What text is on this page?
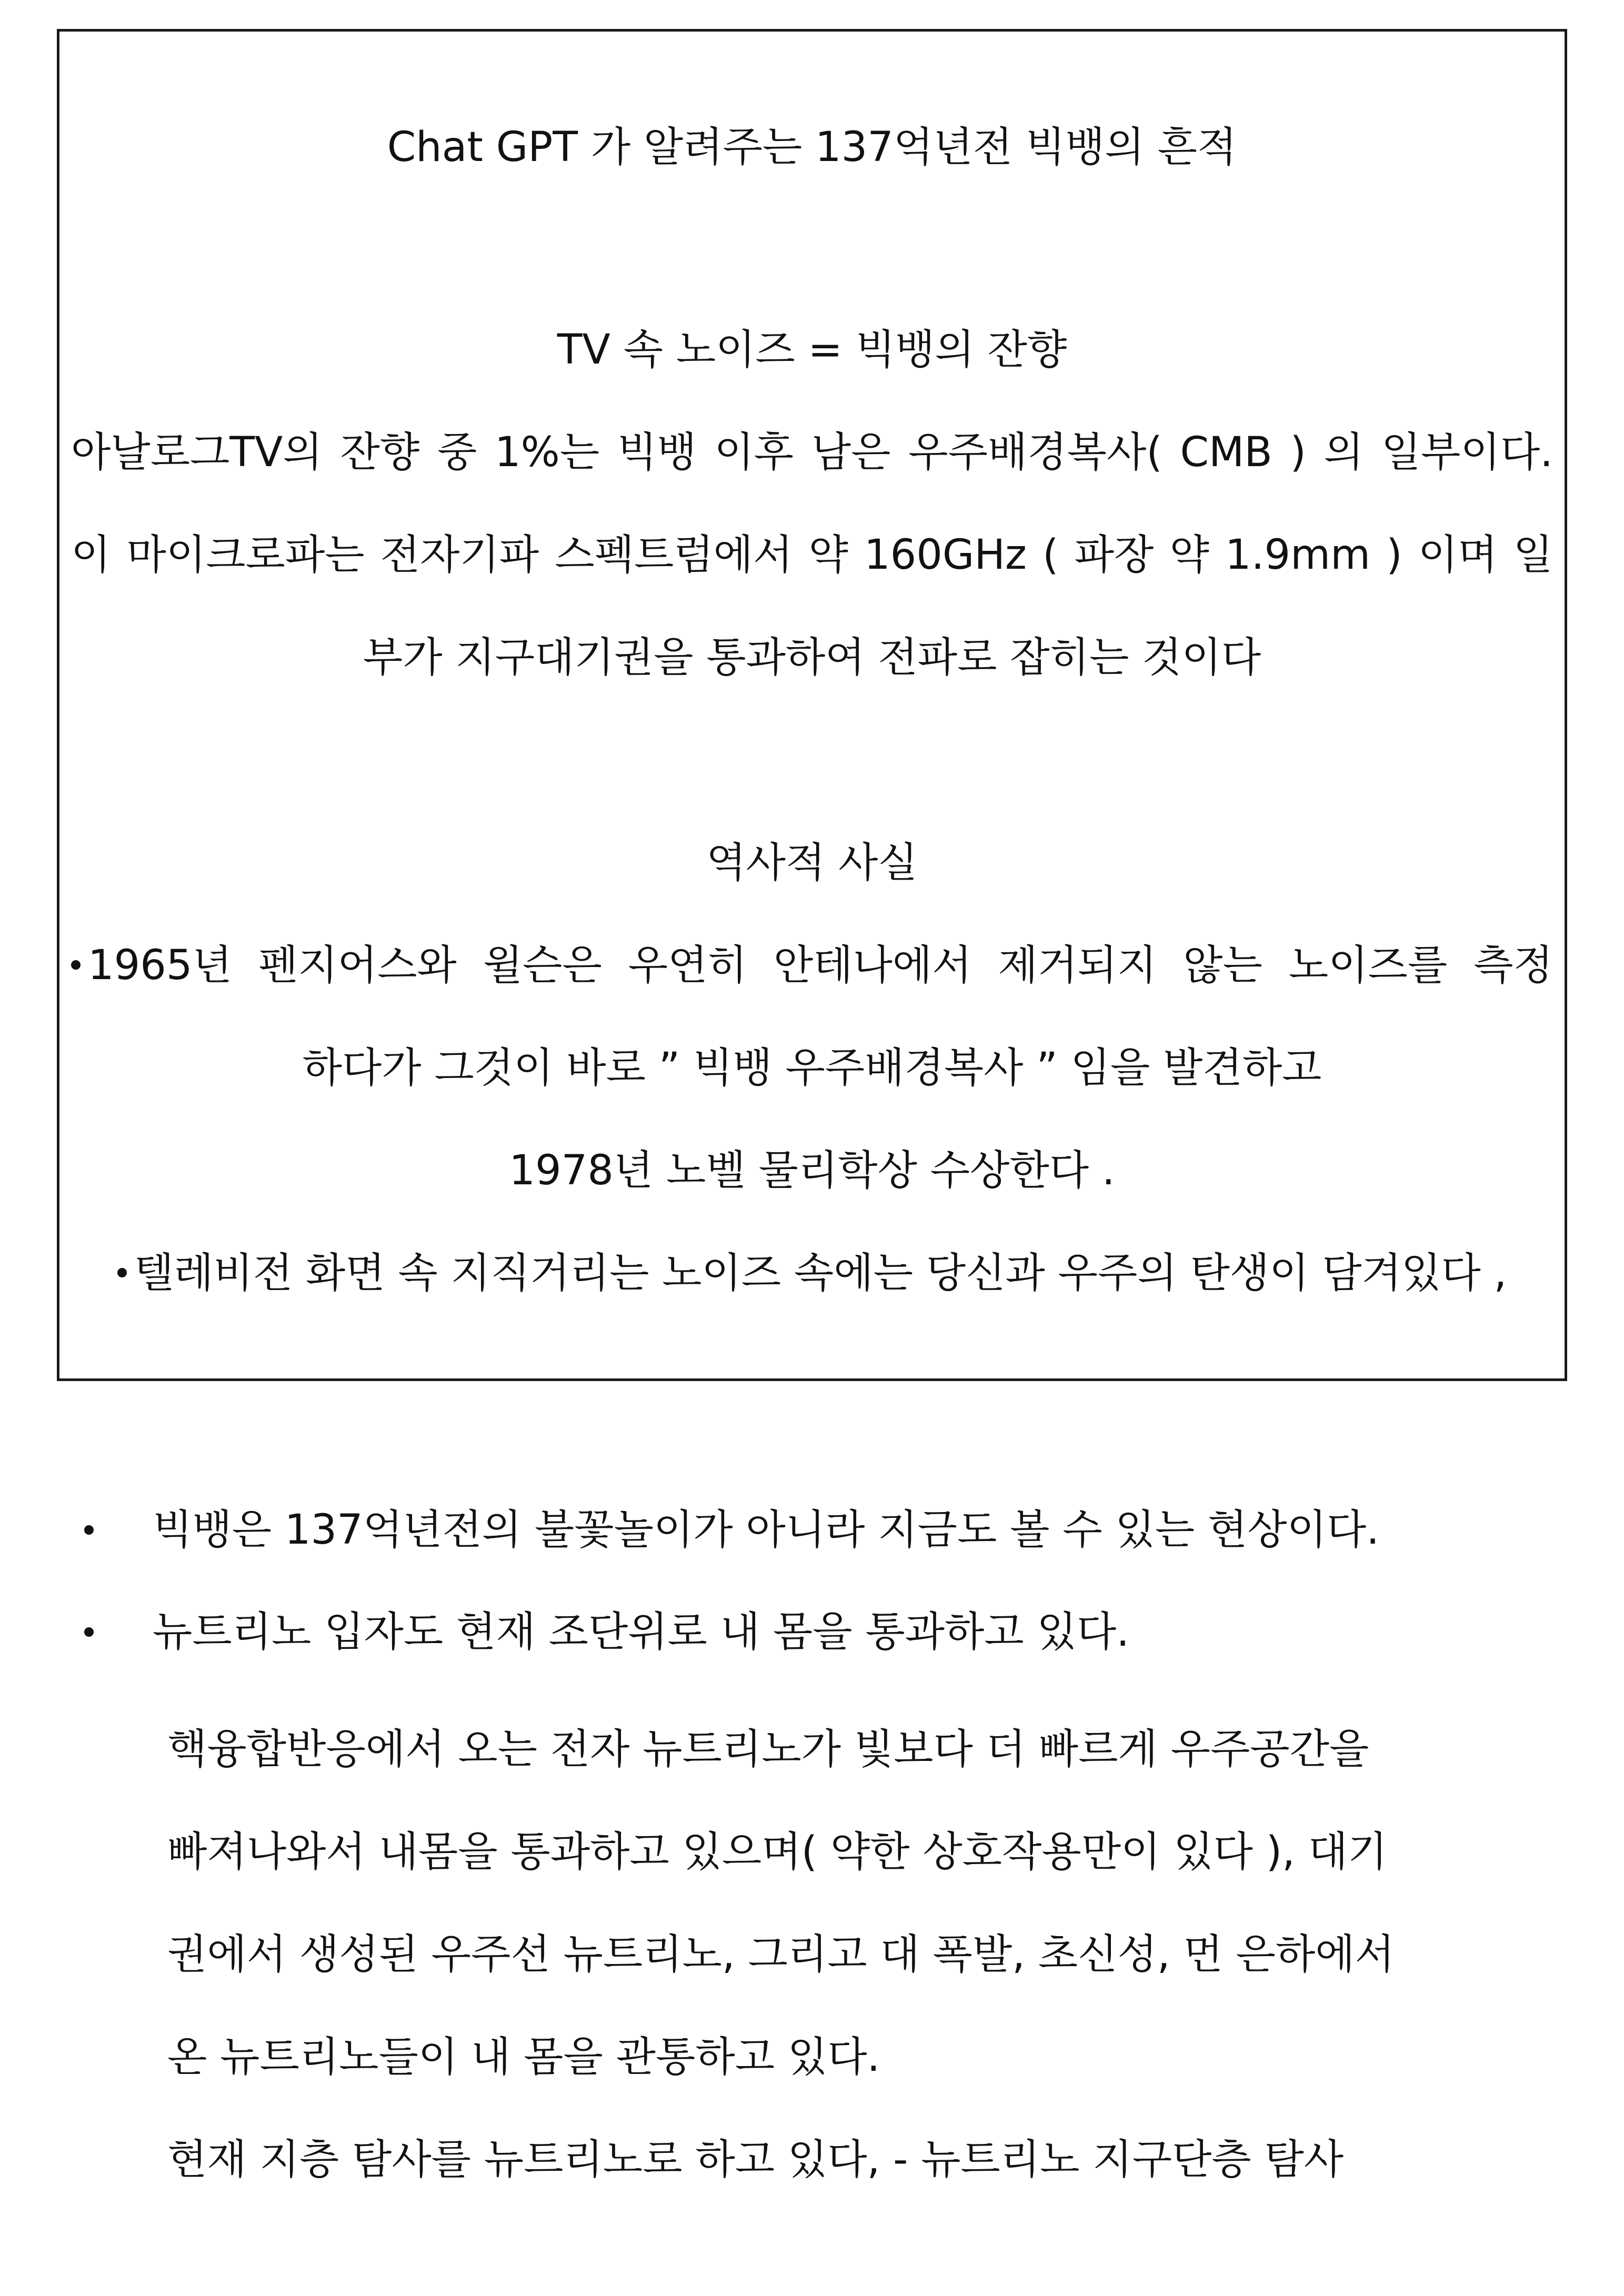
Chat GPT 가 알려주는 137억년전 빅뱅의 흔적
TV 속 노이즈 = 빅뱅의 잔향
아날로그TV의 잔향 중 1%는 빅뱅 이후 남은 우주배경복사( CMB ) 의 일부이다.
이 마이크로파는 전자기파 스펙트럼에서 약 160GHz ( 파장 약 1.9mm ) 이며 일
부가 지구대기권을 통과하여 전파로 잡히는 것이다
역사적 사실
1965년 펜지어스와 윌슨은 우연히 안테나에서 제거되지 않는 노이즈를 측정
하다가 그것이 바로 ” 빅뱅 우주배경복사 ” 임을 발견하고
1978년 노벨 물리학상 수상한다 .
텔레비전 화면 속 지직거리는 노이즈 속에는 당신과 우주의 탄생이 담겨있다 ,
빅뱅은 137억년전의 불꽃놀이가 아니라 지금도 볼 수 있는 현상이다.
뉴트리노 입자도 현재 조단위로 내 몸을 통과하고 있다.
핵융합반응에서 오는 전자 뉴트리노가 빛보다 더 빠르게 우주공간을
빠져나와서 내몸을 통과하고 있으며( 약한 상호작용만이 있다 ), 대기
권에서 생성된 우주선 뉴트리노, 그리고 대 폭발, 초신성, 먼 은하에서
온 뉴트리노들이 내 몸을 관통하고 있다.
현재 지층 탐사를 뉴트리노로 하고 있다, - 뉴트리노 지구단층 탐사
